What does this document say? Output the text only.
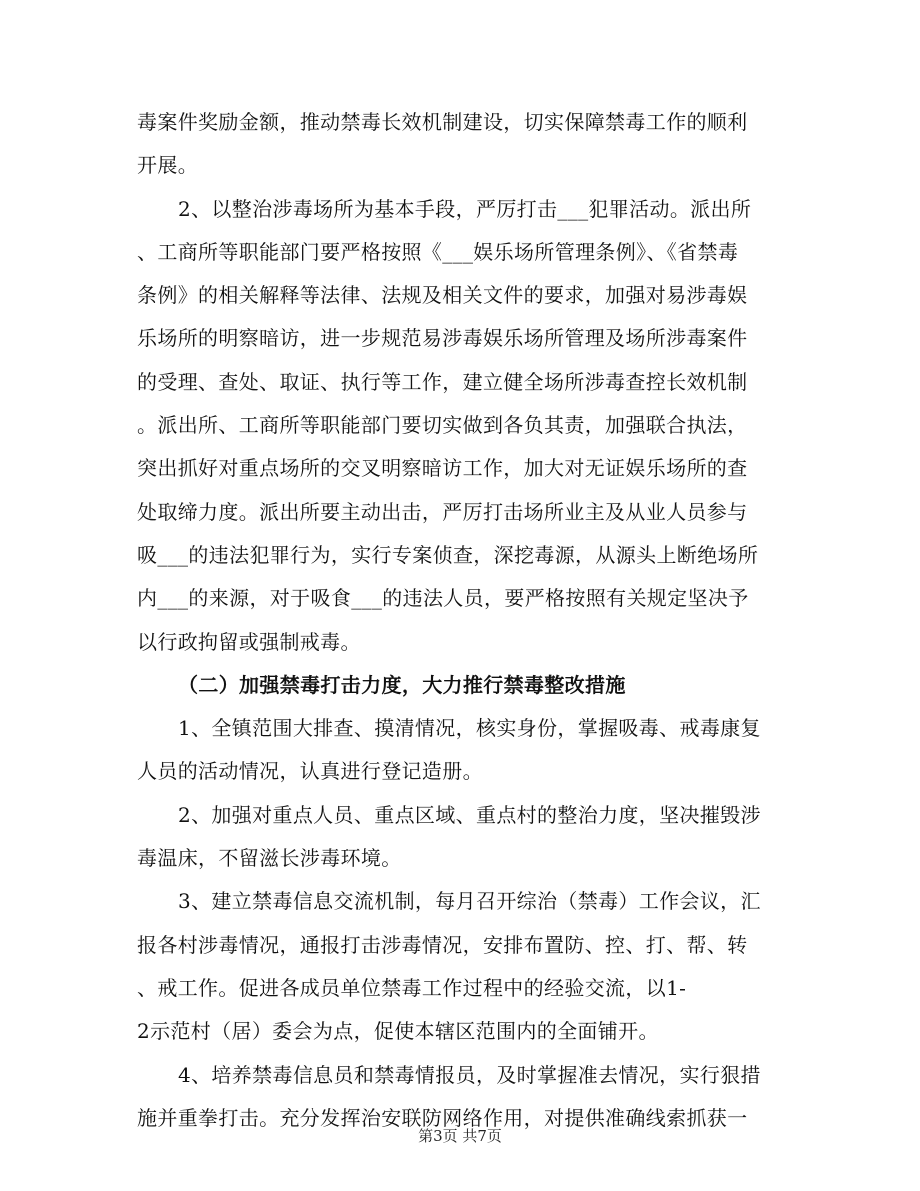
毒案件奖励金额，推动禁毒长效机制建设，切实保障禁毒工作的顺利
开展。
2、以整治涉毒场所为基本手段，严厉打击___犯罪活动。派出所
、工商所等职能部门要严格按照《___娱乐场所管理条例》、《省禁毒
条例》的相关解释等法律、法规及相关文件的要求，加强对易涉毒娱
乐场所的明察暗访，进一步规范易涉毒娱乐场所管理及场所涉毒案件
的受理、查处、取证、执行等工作，建立健全场所涉毒查控长效机制
。派出所、工商所等职能部门要切实做到各负其责，加强联合执法，
突出抓好对重点场所的交叉明察暗访工作，加大对无证娱乐场所的查
处取缔力度。派出所要主动出击，严厉打击场所业主及从业人员参与
吸___的违法犯罪行为，实行专案侦查，深挖毒源，从源头上断绝场所
内___的来源，对于吸食___的违法人员，要严格按照有关规定坚决予
以行政拘留或强制戒毒。
（二）加强禁毒打击力度，大力推行禁毒整改措施
1、全镇范围大排查、摸清情况，核实身份，掌握吸毒、戒毒康复
人员的活动情况，认真进行登记造册。
2、加强对重点人员、重点区域、重点村的整治力度，坚决摧毁涉
毒温床，不留滋长涉毒环境。
3、建立禁毒信息交流机制，每月召开综治（禁毒）工作会议，汇
报各村涉毒情况，通报打击涉毒情况，安排布置防、控、打、帮、转
、戒工作。促进各成员单位禁毒工作过程中的经验交流，以1-
2示范村（居）委会为点，促使本辖区范围内的全面铺开。
4、培养禁毒信息员和禁毒情报员，及时掌握准去情况，实行狠措
施并重拳打击。充分发挥治安联防网络作用，对提供准确线索抓获一
第3页 共7页
